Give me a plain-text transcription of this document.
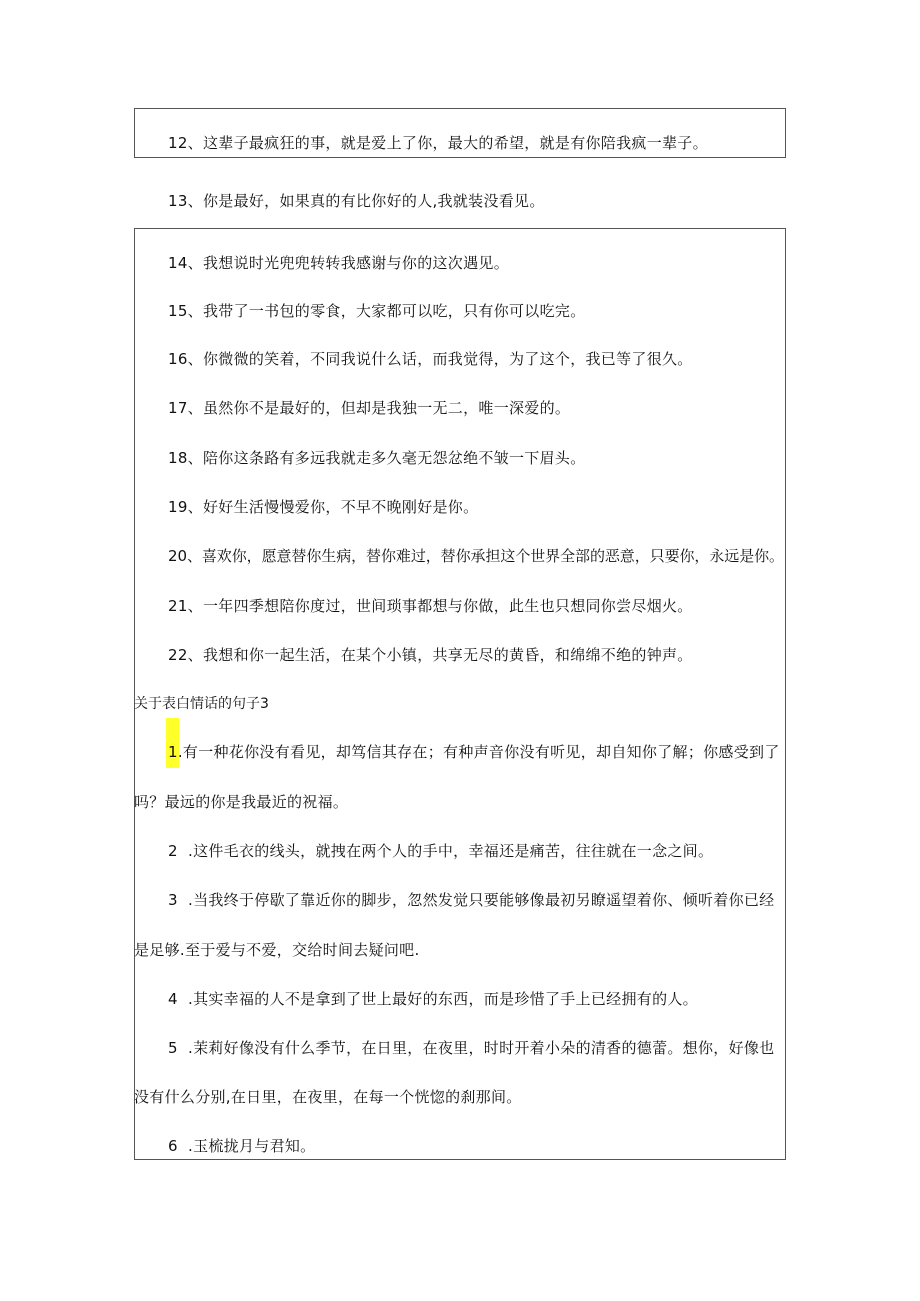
12、这辈子最疯狂的事，就是爱上了你，最大的希望，就是有你陪我疯一辈子。
13、你是最好，如果真的有比你好的人,我就装没看见。
14、我想说时光兜兜转转我感谢与你的这次遇见。
15、我带了一书包的零食，大家都可以吃，只有你可以吃完。
16、你微微的笑着，不同我说什么话，而我觉得，为了这个，我已等了很久。
17、虽然你不是最好的，但却是我独一无二，唯一深爱的。
18、陪你这条路有多远我就走多久毫无怨忿绝不皱一下眉头。
19、好好生活慢慢爱你，不早不晚刚好是你。
20、喜欢你，愿意替你生病，替你难过，替你承担这个世界全部的恶意，只要你，永远是你。
21、一年四季想陪你度过，世间琐事都想与你做，此生也只想同你尝尽烟火。
22、我想和你一起生活，在某个小镇，共享无尽的黄昏，和绵绵不绝的钟声。
关于表白情话的句子3
1.有一种花你没有看见，却笃信其存在；有种声音你没有听见，却自知你了解；你感受到了
吗？最远的你是我最近的祝福。
2 .这件毛衣的线头，就拽在两个人的手中，幸福还是痛苦，往往就在一念之间。
3 .当我终于停歇了靠近你的脚步，忽然发觉只要能够像最初另瞭遥望着你、倾听着你已经
是足够.至于爱与不爱，交给时间去疑问吧.
4 .其实幸福的人不是拿到了世上最好的东西，而是珍惜了手上已经拥有的人。
5 .茉莉好像没有什么季节，在日里，在夜里，时时开着小朵的清香的德蕾。想你，好像也
没有什么分别,在日里，在夜里，在每一个恍惚的刹那间。
6 .玉梳拢月与君知。
